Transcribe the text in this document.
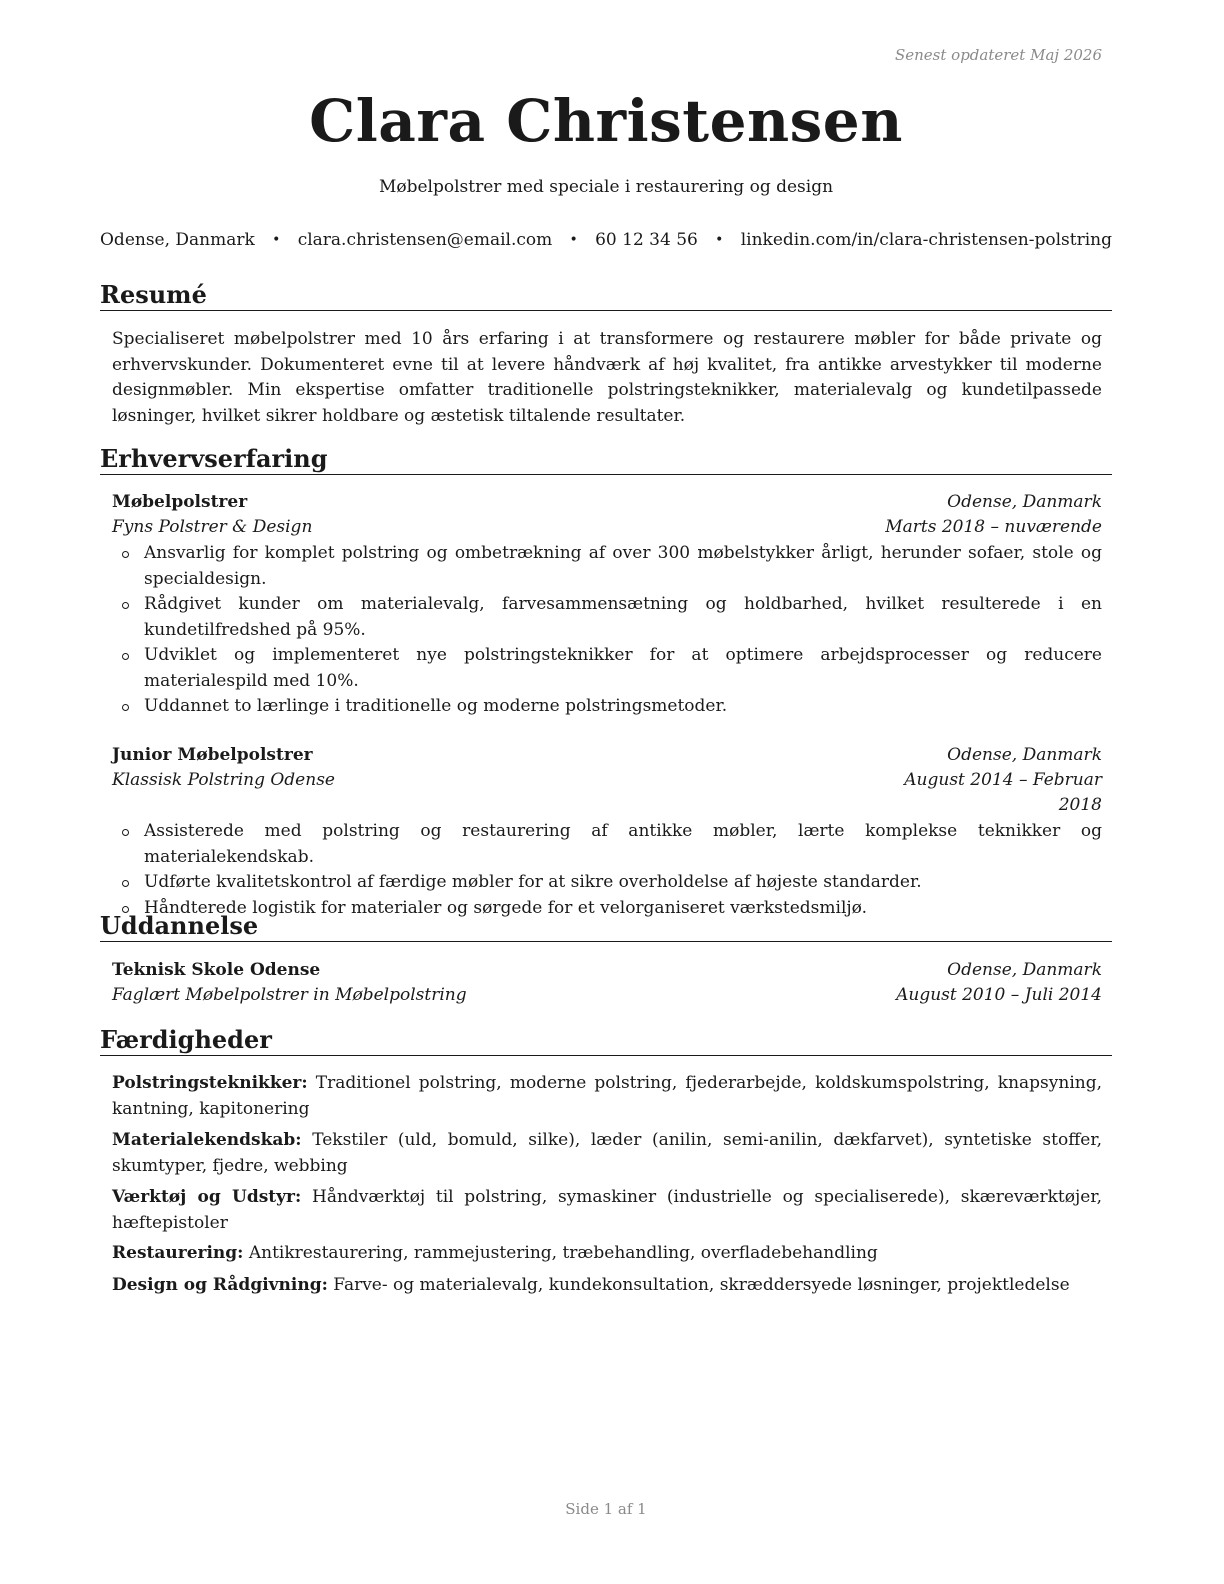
Senest opdateret Maj 2026
Clara Christensen
Møbelpolstrer med speciale i restaurering og design
Odense, Danmark • clara.christensen@email.com • 60 12 34 56 • linkedin.com/in/clara-christensen-polstring
Resumé
Specialiseret møbelpolstrer med 10 års erfaring i at transformere og restaurere møbler for både private og erhvervskunder. Dokumenteret evne til at levere håndværk af høj kvalitet, fra antikke arvestykker til moderne designmøbler. Min ekspertise omfatter traditionelle polstringsteknikker, materialevalg og kundetilpassede løsninger, hvilket sikrer holdbare og æstetisk tiltalende resultater.
Erhvervserfaring
Møbelpolstrer	Odense, Danmark
Fyns Polstrer & Design	Marts 2018 – nuværende
Ansvarlig for komplet polstring og ombetrækning af over 300 møbelstykker årligt, herunder sofaer, stole og specialdesign.
Rådgivet kunder om materialevalg, farvesammensætning og holdbarhed, hvilket resulterede i en kundetilfredshed på 95%.
Udviklet og implementeret nye polstringsteknikker for at optimere arbejdsprocesser og reducere materialespild med 10%.
Uddannet to lærlinge i traditionelle og moderne polstringsmetoder.
Junior Møbelpolstrer	Odense, Danmark
Klassisk Polstring Odense	August 2014 – Februar
2018
Assisterede med polstring og restaurering af antikke møbler, lærte komplekse teknikker og materialekendskab.
Udførte kvalitetskontrol af færdige møbler for at sikre overholdelse af højeste standarder.
Håndterede logistik for materialer og sørgede for et velorganiseret værkstedsmiljø.
Uddannelse
Teknisk Skole Odense	Odense, Danmark
Faglært Møbelpolstrer in Møbelpolstring	August 2010 – Juli 2014
Færdigheder
Polstringsteknikker: Traditionel polstring, moderne polstring, fjederarbejde, koldskumspolstring, knapsyning, kantning, kapitonering
Materialekendskab: Tekstiler (uld, bomuld, silke), læder (anilin, semi-anilin, dækfarvet), syntetiske stoffer, skumtyper, fjedre, webbing
Værktøj og Udstyr: Håndværktøj til polstring, symaskiner (industrielle og specialiserede), skæreværktøjer, hæftepistoler
Restaurering: Antikrestaurering, rammejustering, træbehandling, overfladebehandling
Design og Rådgivning: Farve- og materialevalg, kundekonsultation, skræddersyede løsninger, projektledelse
Side 1 af 1
